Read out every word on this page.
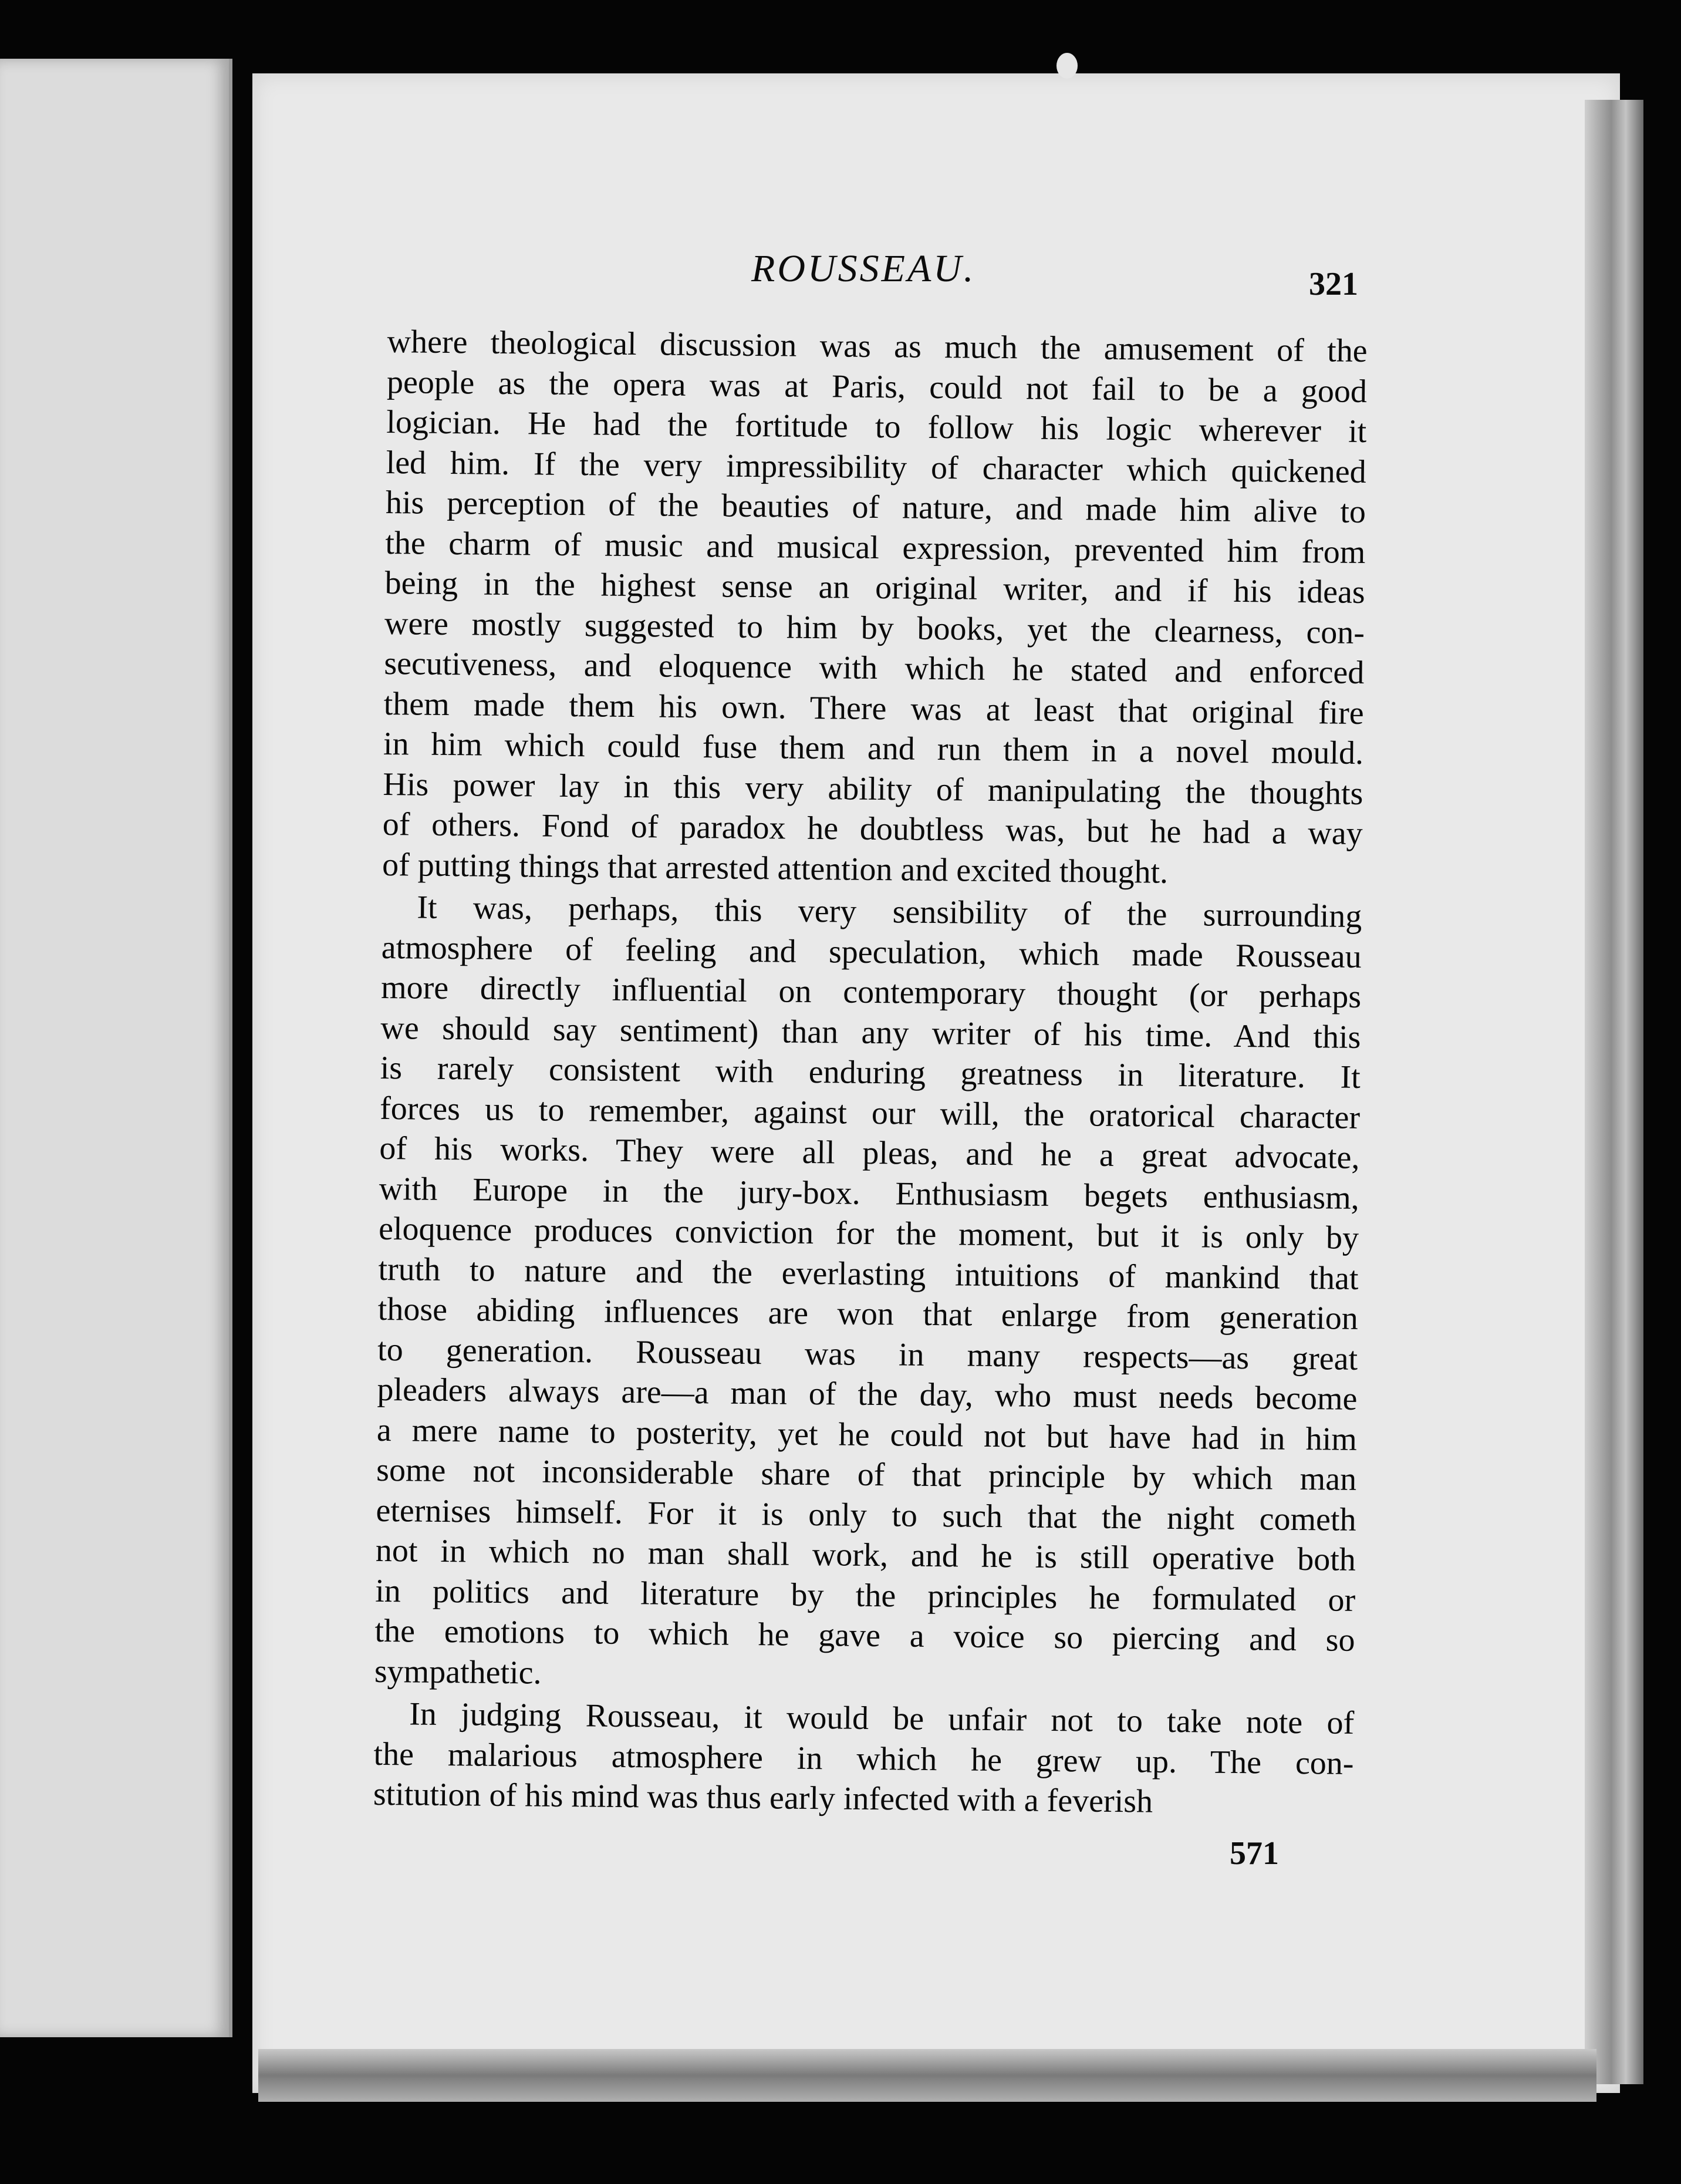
ROUSSEAU.	321
where theological discussion was as much the amusement of the
people as the opera was at Paris, could not fail to be a good
logician. He had the fortitude to follow his logic wherever it
led him. If the very impressibility of character which quickened
his perception of the beauties of nature, and made him alive to
the charm of music and musical expression, prevented him from
being in the highest sense an original writer, and if his ideas
were mostly suggested to him by books, yet the clearness, con-
secutiveness, and eloquence with which he stated and enforced
them made them his own. There was at least that original fire
in him which could fuse them and run them in a novel mould.
His power lay in this very ability of manipulating the thoughts
of others. Fond of paradox he doubtless was, but he had a way
of putting things that arrested attention and excited thought.
It was, perhaps, this very sensibility of the surrounding
atmosphere of feeling and speculation, which made Rousseau
more directly influential on contemporary thought (or perhaps
we should say sentiment) than any writer of his time. And this
is rarely consistent with enduring greatness in literature. It
forces us to remember, against our will, the oratorical character
of his works. They were all pleas, and he a great advocate,
with Europe in the jury-box. Enthusiasm begets enthusiasm,
eloquence produces conviction for the moment, but it is only by
truth to nature and the everlasting intuitions of mankind that
those abiding influences are won that enlarge from generation
to generation. Rousseau was in many respects—as great
pleaders always are—a man of the day, who must needs become
a mere name to posterity, yet he could not but have had in him
some not inconsiderable share of that principle by which man
eternises himself. For it is only to such that the night cometh
not in which no man shall work, and he is still operative both
in politics and literature by the principles he formulated or
the emotions to which he gave a voice so piercing and so
sympathetic.
In judging Rousseau, it would be unfair not to take note of
the malarious atmosphere in which he grew up. The con-
stitution of his mind was thus early infected with a feverish
571
